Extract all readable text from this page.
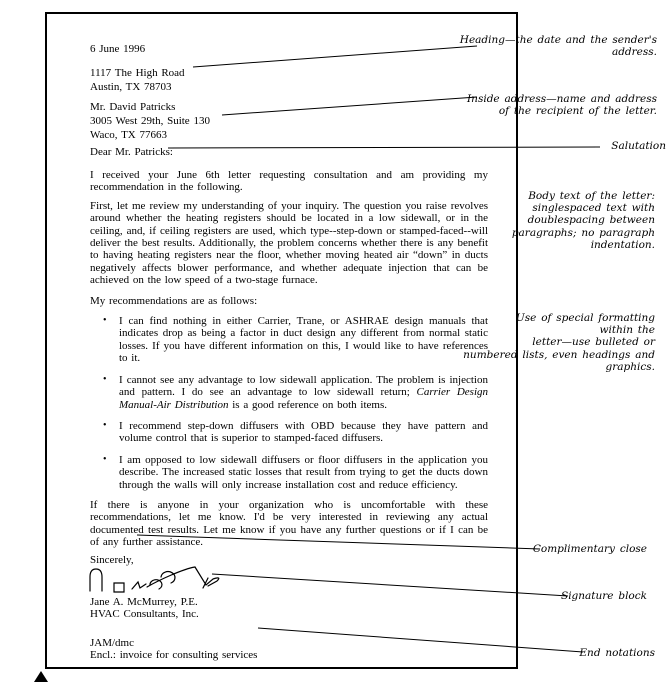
6 June 1996
1117 The High Road
Austin, TX 78703
Mr. David Patricks
3005 West 29th, Suite 130
Waco, TX 77663
Dear Mr. Patricks:

I received your June 6th letter requesting consultation and am providing my recommendation in the following.

First, let me review my understanding of your inquiry. The question you raise revolves around whether the heating registers should be located in a low sidewall, or in the ceiling, and, if ceiling registers are used, which type--step-down or stamped-faced--will deliver the best results. Additionally, the problem concerns whether there is any benefit to having heating registers near the floor, whether moving heated air “down” in ducts negatively affects blower performance, and whether adequate injection that can be achieved on the low speed of a two-stage furnace.

My recommendations are as follows:

• I can find nothing in either Carrier, Trane, or ASHRAE design manuals that indicates drop as being a factor in duct design any different from normal static losses. If you have different information on this, I would like to have references to it.
• I cannot see any advantage to low sidewall application. The problem is injection and pattern. I do see an advantage to low sidewall return; Carrier Design Manual-Air Distribution is a good reference on both items.
• I recommend step-down diffusers with OBD because they have pattern and volume control that is superior to stamped-faced diffusers.
• I am opposed to low sidewall diffusers or floor diffusers in the application you describe. The increased static losses that result from trying to get the ducts down through the walls will only increase installation cost and reduce efficiency.

If there is anyone in your organization who is uncomfortable with these recommendations, let me know. I'd be very interested in reviewing any actual documented test results. Let me know if you have any further questions or if I can be of any further assistance.

Sincerely,
Jane A. McMurrey, P.E.
HVAC Consultants, Inc.
JAM/dmc
Encl.: invoice for consulting services
Heading—the date and the sender's
address.
Inside address—name and address
of the recipient of the letter.
Salutation
Body text of the letter:
singlespaced text with
doublespacing between
paragraphs; no paragraph
indentation.
Use of special formatting
within the
letter—use bulleted or
numbered lists, even headings and
graphics.
Complimentary close
Signature block
End notations
